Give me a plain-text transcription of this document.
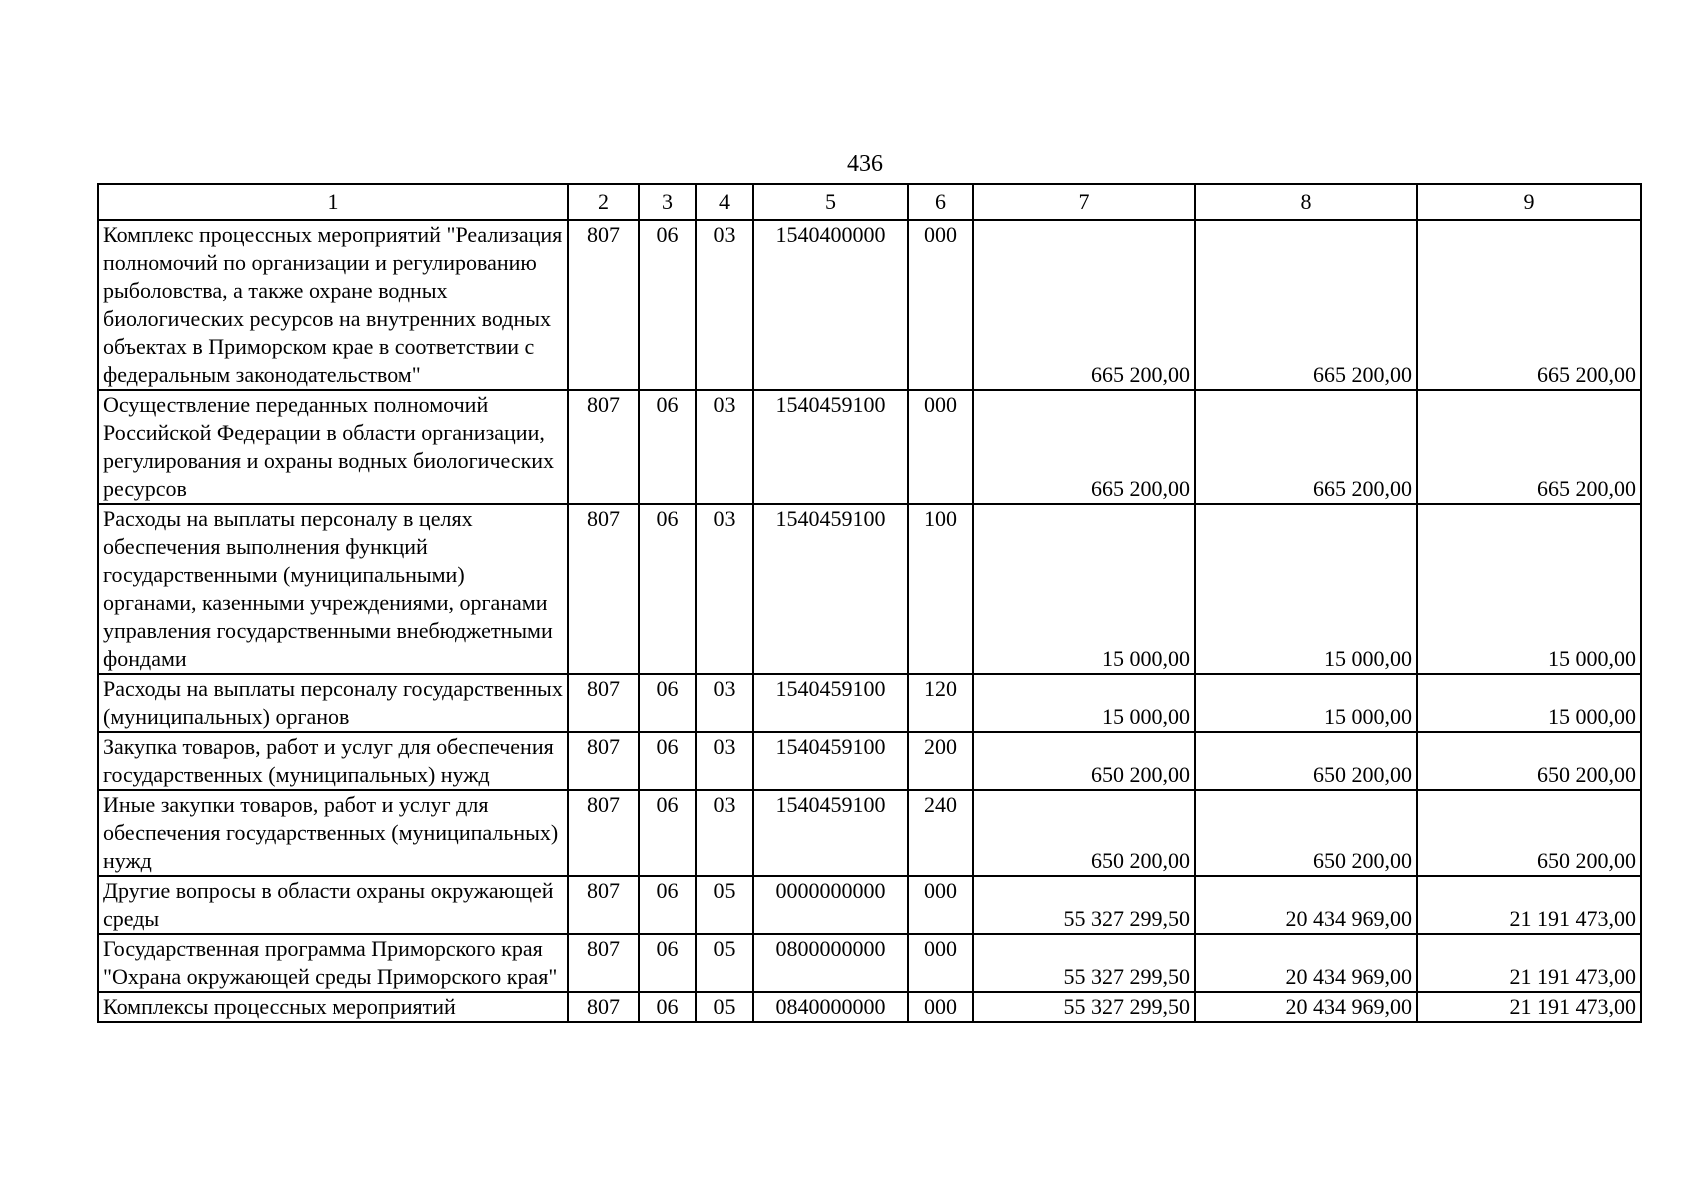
436
1	2	3	4	5	6	7	8	9
Комплекс процессных мероприятий "Реализация полномочий по организации и регулированию рыболовства, а также охране водных биологических ресурсов на внутренних водных объектах в Приморском крае в соответствии с федеральным законодательством"	807	06	03	1540400000	000	665 200,00	665 200,00	665 200,00
Осуществление переданных полномочий Российской Федерации в области организации, регулирования и охраны водных биологических ресурсов	807	06	03	1540459100	000	665 200,00	665 200,00	665 200,00
Расходы на выплаты персоналу в целях обеспечения выполнения функций государственными (муниципальными) органами, казенными учреждениями, органами управления государственными внебюджетными фондами	807	06	03	1540459100	100	15 000,00	15 000,00	15 000,00
Расходы на выплаты персоналу государственных (муниципальных) органов	807	06	03	1540459100	120	15 000,00	15 000,00	15 000,00
Закупка товаров, работ и услуг для обеспечения государственных (муниципальных) нужд	807	06	03	1540459100	200	650 200,00	650 200,00	650 200,00
Иные закупки товаров, работ и услуг для обеспечения государственных (муниципальных) нужд	807	06	03	1540459100	240	650 200,00	650 200,00	650 200,00
Другие вопросы в области охраны окружающей среды	807	06	05	0000000000	000	55 327 299,50	20 434 969,00	21 191 473,00
Государственная программа Приморского края "Охрана окружающей среды Приморского края"	807	06	05	0800000000	000	55 327 299,50	20 434 969,00	21 191 473,00
Комплексы процессных мероприятий	807	06	05	0840000000	000	55 327 299,50	20 434 969,00	21 191 473,00
